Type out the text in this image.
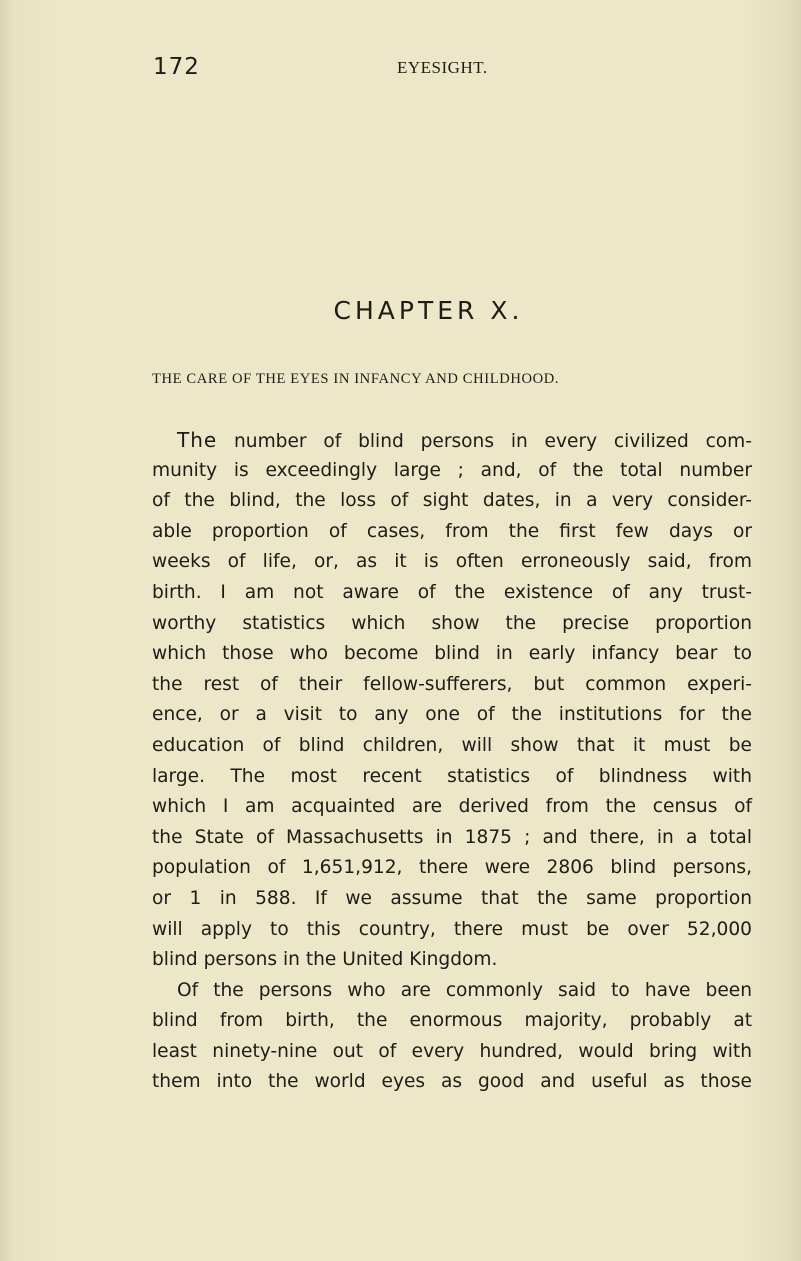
172	EYESIGHT.
CHAPTER X.
THE CARE OF THE EYES IN INFANCY AND CHILDHOOD.
The number of blind persons in every civilized com-
munity is exceedingly large ; and, of the total number
of the blind, the loss of sight dates, in a very consider-
able proportion of cases, from the first few days or
weeks of life, or, as it is often erroneously said, from
birth. I am not aware of the existence of any trust-
worthy statistics which show the precise proportion
which those who become blind in early infancy bear to
the rest of their fellow-sufferers, but common experi-
ence, or a visit to any one of the institutions for the
education of blind children, will show that it must be
large. The most recent statistics of blindness with
which I am acquainted are derived from the census of
the State of Massachusetts in 1875 ; and there, in a total
population of 1,651,912, there were 2806 blind persons,
or 1 in 588. If we assume that the same proportion
will apply to this country, there must be over 52,000
blind persons in the United Kingdom.
Of the persons who are commonly said to have been
blind from birth, the enormous majority, probably at
least ninety-nine out of every hundred, would bring with
them into the world eyes as good and useful as those
